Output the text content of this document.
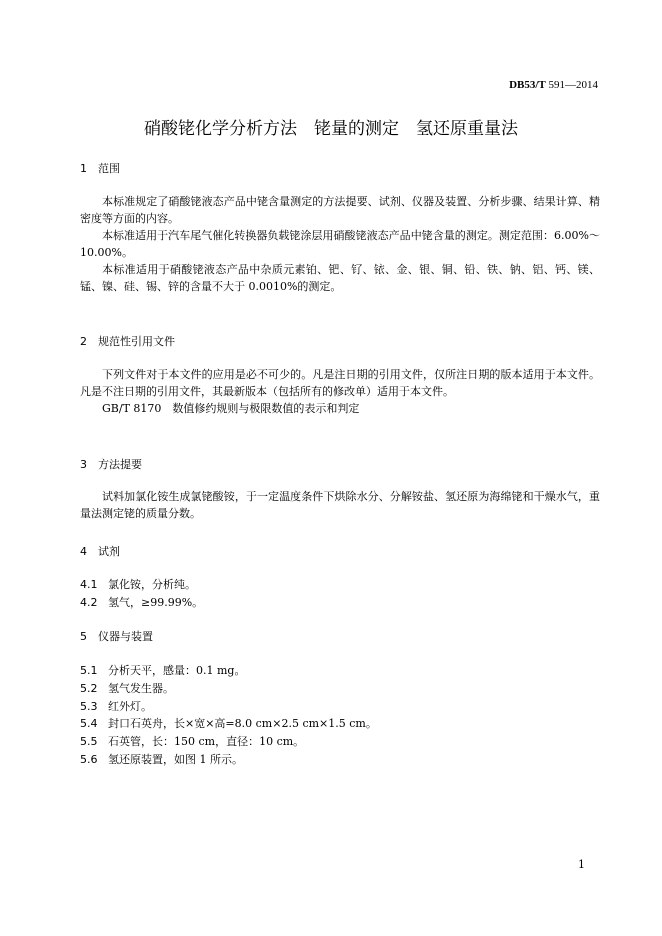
DB53/T 591—2014
硝酸铑化学分析方法　铑量的测定　氢还原重量法
1 范围
本标准规定了硝酸铑液态产品中铑含量测定的方法提要、试剂、仪器及装置、分析步骤、结果计算、精密度等方面的内容。
本标准适用于汽车尾气催化转换器负载铑涂层用硝酸铑液态产品中铑含量的测定。测定范围：6.00%～10.00%。
本标准适用于硝酸铑液态产品中杂质元素铂、钯、钌、铱、金、银、铜、铅、铁、钠、铝、钙、镁、锰、镍、硅、锡、锌的含量不大于 0.0010%的测定。
2 规范性引用文件
下列文件对于本文件的应用是必不可少的。凡是注日期的引用文件，仅所注日期的版本适用于本文件。凡是不注日期的引用文件，其最新版本（包括所有的修改单）适用于本文件。
GB/T 8170　数值修约规则与极限数值的表示和判定
3 方法提要
试料加氯化铵生成氯铑酸铵，于一定温度条件下烘除水分、分解铵盐、氢还原为海绵铑和干燥水气，重量法测定铑的质量分数。
4 试剂
4.1 氯化铵，分析纯。
4.2 氢气，≥99.99%。
5 仪器与装置
5.1 分析天平，感量：0.1 mg。
5.2 氢气发生器。
5.3 红外灯。
5.4 封口石英舟，长×宽×高=8.0 cm×2.5 cm×1.5 cm。
5.5 石英管，长：150 cm，直径：10 cm。
5.6 氢还原装置，如图 1 所示。
1
